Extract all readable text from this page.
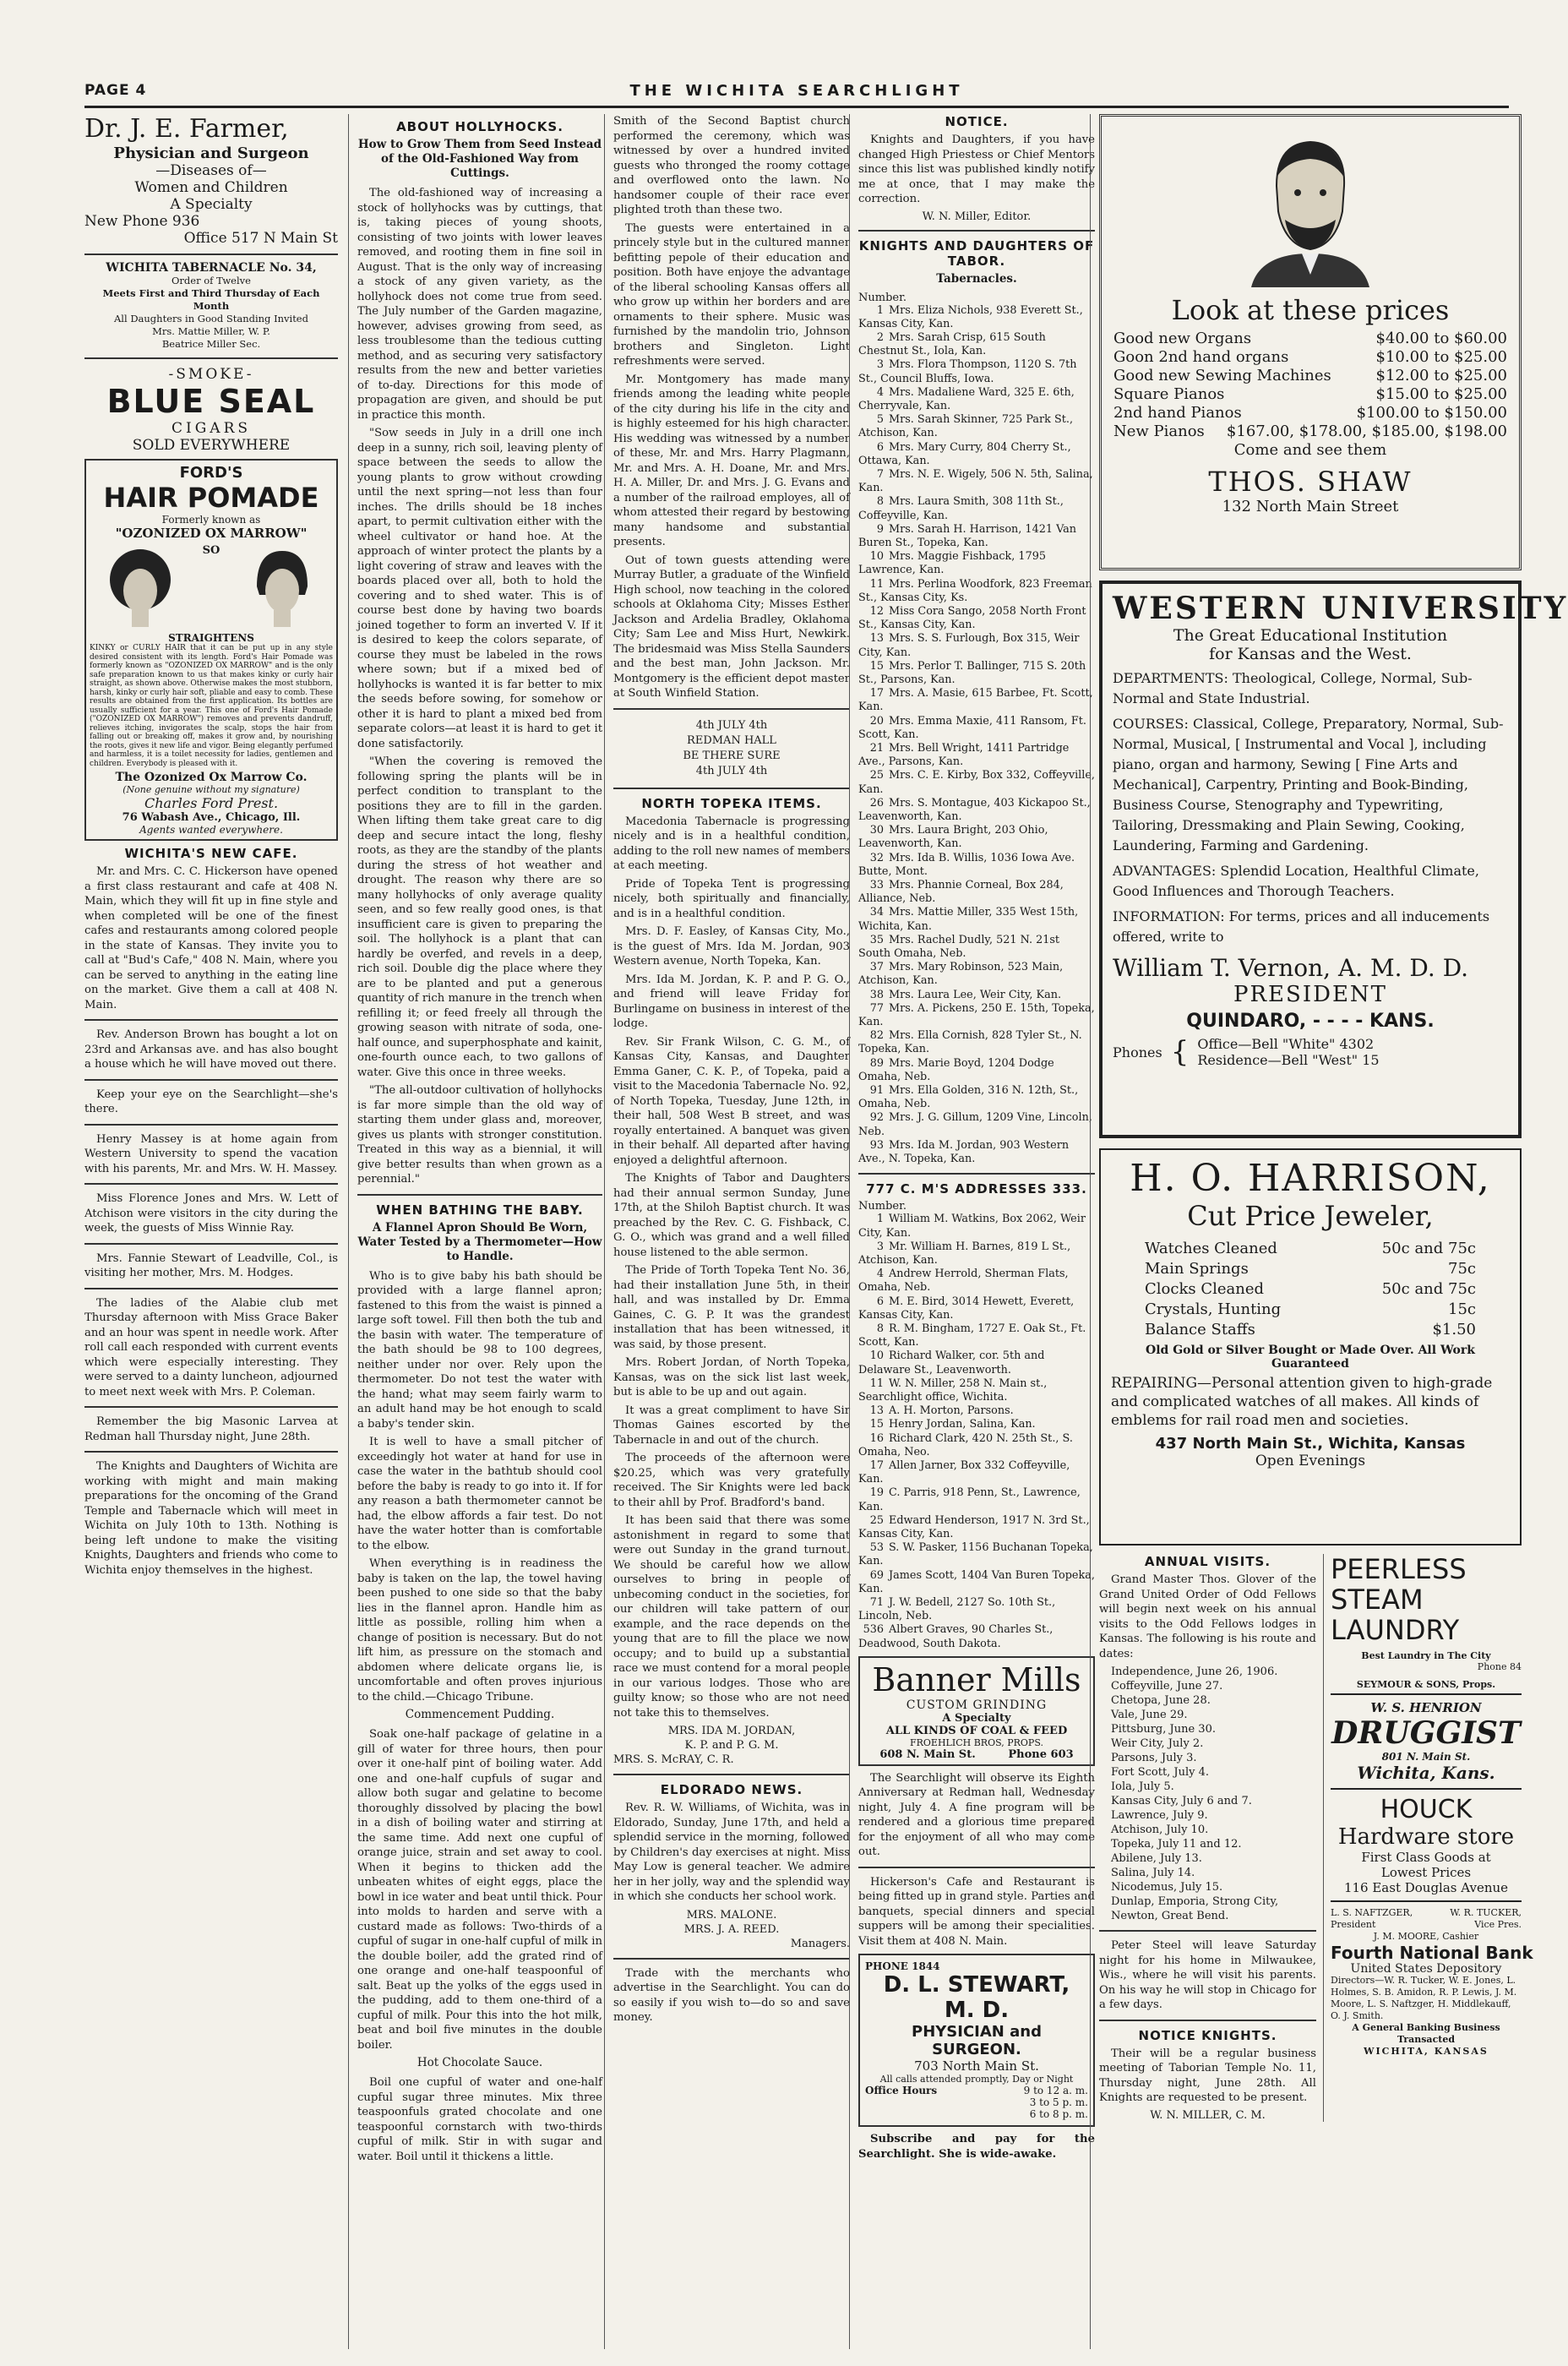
PAGE 4	THE WICHITA SEARCHLIGHT
Dr. J. E. Farmer,
Physician and Surgeon
—Diseases of—
Women and Children
A Specialty
New Phone 936
Office 517 N Main St
WICHITA TABERNACLE No. 34,
Order of Twelve
Meets First and Third Thursday of Each Month
All Daughters in Good Standing Invited
Mrs. Mattie Miller, W. P.
Beatrice Miller Sec.
-SMOKE-
BLUE SEAL
CIGARS
SOLD EVERYWHERE
FORD'S
HAIR POMADE
Formerly known as
"OZONIZED OX MARROW"
SO
STRAIGHTENS
KINKY or CURLY HAIR that it can be put up in any style desired consistent with its length. Ford's Hair Pomade was formerly known as "OZONIZED OX MARROW" and is the only safe preparation known to us that makes kinky or curly hair straight, as shown above. Otherwise makes the most stubborn, harsh, kinky or curly hair soft, pliable and easy to comb. These results are obtained from the first application. Its bottles are usually sufficient for a year. This one of Ford's Hair Pomade ("OZONIZED OX MARROW") removes and prevents dandruff, relieves itching, invigorates the scalp, stops the hair from falling out or breaking off, makes it grow and, by nourishing the roots, gives it new life and vigor. Being elegantly perfumed and harmless, it is a toilet necessity for ladies, gentlemen and children. Everybody is pleased with it.
The Ozonized Ox Marrow Co.
(None genuine without my signature)
Charles Ford Prest.
76 Wabash Ave., Chicago, Ill.
Agents wanted everywhere.
WICHITA'S NEW CAFE.

Mr. and Mrs. C. C. Hickerson have opened a first class restaurant and cafe at 408 N. Main, which they will fit up in fine style and when completed will be one of the finest cafes and restaurants among colored people in the state of Kansas. They invite you to call at "Bud's Cafe," 408 N. Main, where you can be served to anything in the eating line on the market. Give them a call at 408 N. Main.

Rev. Anderson Brown has bought a lot on 23rd and Arkansas ave. and has also bought a house which he will have moved out there.

Keep your eye on the Searchlight—she's there.

Henry Massey is at home again from Western University to spend the vacation with his parents, Mr. and Mrs. W. H. Massey.

Miss Florence Jones and Mrs. W. Lett of Atchison were visitors in the city during the week, the guests of Miss Winnie Ray.

Mrs. Fannie Stewart of Leadville, Col., is visiting her mother, Mrs. M. Hodges.

The ladies of the Alabie club met Thursday afternoon with Miss Grace Baker and an hour was spent in needle work. After roll call each responded with current events which were especially interesting. They were served to a dainty luncheon, adjourned to meet next week with Mrs. P. Coleman.

Remember the big Masonic Larvea at Redman hall Thursday night, June 28th.

The Knights and Daughters of Wichita are working with might and main making preparations for the oncoming of the Grand Temple and Tabernacle which will meet in Wichita on July 10th to 13th. Nothing is being left undone to make the visiting Knights, Daughters and friends who come to Wichita enjoy themselves in the highest.

ABOUT HOLLYHOCKS.
How to Grow Them from Seed Instead of the Old-Fashioned Way from Cuttings.

The old-fashioned way of increasing a stock of hollyhocks was by cuttings, that is, taking pieces of young shoots, consisting of two joints with lower leaves removed, and rooting them in fine soil in August. That is the only way of increasing a stock of any given variety, as the hollyhock does not come true from seed. The July number of the Garden magazine, however, advises growing from seed, as less troublesome than the tedious cutting method, and as securing very satisfactory results from the new and better varieties of to-day. Directions for this mode of propagation are given, and should be put in practice this month.

"Sow seeds in July in a drill one inch deep in a sunny, rich soil, leaving plenty of space between the seeds to allow the young plants to grow without crowding until the next spring—not less than four inches. The drills should be 18 inches apart, to permit cultivation either with the wheel cultivator or hand hoe. At the approach of winter protect the plants by a light covering of straw and leaves with the boards placed over all, both to hold the covering and to shed water. This is of course best done by having two boards joined together to form an inverted V. If it is desired to keep the colors separate, of course they must be labeled in the rows where sown; but if a mixed bed of hollyhocks is wanted it is far better to mix the seeds before sowing, for somehow or other it is hard to plant a mixed bed from separate colors—at least it is hard to get it done satisfactorily.

"When the covering is removed the following spring the plants will be in perfect condition to transplant to the positions they are to fill in the garden. When lifting them take great care to dig deep and secure intact the long, fleshy roots, as they are the standby of the plants during the stress of hot weather and drought. The reason why there are so many hollyhocks of only average quality seen, and so few really good ones, is that insufficient care is given to preparing the soil. The hollyhock is a plant that can hardly be overfed, and revels in a deep, rich soil. Double dig the place where they are to be planted and put a generous quantity of rich manure in the trench when refilling it; or feed freely all through the growing season with nitrate of soda, one-half ounce, and superphosphate and kainit, one-fourth ounce each, to two gallons of water. Give this once in three weeks.

"The all-outdoor cultivation of hollyhocks is far more simple than the old way of starting them under glass and, moreover, gives us plants with stronger constitution. Treated in this way as a biennial, it will give better results than when grown as a perennial."

WHEN BATHING THE BABY.
A Flannel Apron Should Be Worn, Water Tested by a Thermometer—How to Handle.

Who is to give baby his bath should be provided with a large flannel apron; fastened to this from the waist is pinned a large soft towel. Fill then both the tub and the basin with water. The temperature of the bath should be 98 to 100 degrees, neither under nor over. Rely upon the thermometer. Do not test the water with the hand; what may seem fairly warm to an adult hand may be hot enough to scald a baby's tender skin.

It is well to have a small pitcher of exceedingly hot water at hand for use in case the water in the bathtub should cool before the baby is ready to go into it. If for any reason a bath thermometer cannot be had, the elbow affords a fair test. Do not have the water hotter than is comfortable to the elbow.

When everything is in readiness the baby is taken on the lap, the towel having been pushed to one side so that the baby lies in the flannel apron. Handle him as little as possible, rolling him when a change of position is necessary. But do not lift him, as pressure on the stomach and abdomen where delicate organs lie, is uncomfortable and often proves injurious to the child.—Chicago Tribune.

Commencement Pudding.

Soak one-half package of gelatine in a gill of water for three hours, then pour over it one-half pint of boiling water. Add one and one-half cupfuls of sugar and allow both sugar and gelatine to become thoroughly dissolved by placing the bowl in a dish of boiling water and stirring at the same time. Add next one cupful of orange juice, strain and set away to cool. When it begins to thicken add the unbeaten whites of eight eggs, place the bowl in ice water and beat until thick. Pour into molds to harden and serve with a custard made as follows: Two-thirds of a cupful of sugar in one-half cupful of milk in the double boiler, add the grated rind of one orange and one-half teaspoonful of salt. Beat up the yolks of the eggs used in the pudding, add to them one-third of a cupful of milk. Pour this into the hot milk, beat and boil five minutes in the double boiler.

Hot Chocolate Sauce.

Boil one cupful of water and one-half cupful sugar three minutes. Mix three teaspoonfuls grated chocolate and one teaspoonful cornstarch with two-thirds cupful of milk. Stir in with sugar and water. Boil until it thickens a little.

Smith of the Second Baptist church performed the ceremony, which was witnessed by over a hundred invited guests who thronged the roomy cottage and overflowed onto the lawn. No handsomer couple of their race ever plighted troth than these two.

The guests were entertained in a princely style but in the cultured manner befitting pepole of their education and position. Both have enjoye the advantage of the liberal schooling Kansas offers all who grow up within her borders and are ornaments to their sphere. Music was furnished by the mandolin trio, Johnson brothers and Singleton. Light refreshments were served.

Mr. Montgomery has made many friends among the leading white people of the city during his life in the city and is highly esteemed for his high character. His wedding was witnessed by a number of these, Mr. and Mrs. Harry Plagmann, Mr. and Mrs. A. H. Doane, Mr. and Mrs. H. A. Miller, Dr. and Mrs. J. G. Evans and a number of the railroad employes, all of whom attested their regard by bestowing many handsome and substantial presents.

Out of town guests attending were Murray Butler, a graduate of the Winfield High school, now teaching in the colored schools at Oklahoma City; Misses Esther Jackson and Ardelia Bradley, Oklahoma City; Sam Lee and Miss Hurt, Newkirk. The bridesmaid was Miss Stella Saunders and the best man, John Jackson. Mr. Montgomery is the efficient depot master at South Winfield Station.

4th JULY 4th
REDMAN HALL
BE THERE SURE
4th JULY 4th
NORTH TOPEKA ITEMS.

Macedonia Tabernacle is progressing nicely and is in a healthful condition, adding to the roll new names of members at each meeting.

Pride of Topeka Tent is progressing nicely, both spiritually and financially, and is in a healthful condition.

Mrs. D. F. Easley, of Kansas City, Mo., is the guest of Mrs. Ida M. Jordan, 903 Western avenue, North Topeka, Kan.

Mrs. Ida M. Jordan, K. P. and P. G. O., and friend will leave Friday for Burlingame on business in interest of the lodge.

Rev. Sir Frank Wilson, C. G. M., of Kansas City, Kansas, and Daughter Emma Ganer, C. K. P., of Topeka, paid a visit to the Macedonia Tabernacle No. 92, of North Topeka, Tuesday, June 12th, in their hall, 508 West B street, and was royally entertained. A banquet was given in their behalf. All departed after having enjoyed a delightful afternoon.

The Knights of Tabor and Daughters had their annual sermon Sunday, June 17th, at the Shiloh Baptist church. It was preached by the Rev. C. G. Fishback, C. G. O., which was grand and a well filled house listened to the able sermon.

The Pride of Torth Topeka Tent No. 36, had their installation June 5th, in their hall, and was installed by Dr. Emma Gaines, C. G. P. It was the grandest installation that has been witnessed, it was said, by those present.

Mrs. Robert Jordan, of North Topeka, Kansas, was on the sick list last week, but is able to be up and out again.

It was a great compliment to have Sir Thomas Gaines escorted by the Tabernacle in and out of the church.

The proceeds of the afternoon were $20.25, which was very gratefully received. The Sir Knights were led back to their ahll by Prof. Bradford's band.

It has been said that there was some astonishment in regard to some that were out Sunday in the grand turnout. We should be careful how we allow ourselves to bring in people of unbecoming conduct in the societies, for our children will take pattern of our example, and the race depends on the young that are to fill the place we now occupy; and to build up a substantial race we must contend for a moral people in our various lodges. Those who are guilty know; so those who are not need not take this to themselves.

MRS. IDA M. JORDAN,
K. P. and P. G. M.
MRS. S. McRAY, C. R.
ELDORADO NEWS.

Rev. R. W. Williams, of Wichita, was in Eldorado, Sunday, June 17th, and held a splendid service in the morning, followed by Children's day exercises at night. Miss May Low is general teacher. We admire her in her jolly, way and the splendid way in which she conducts her school work.

MRS. MALONE.
MRS. J. A. REED.
Managers.

Trade with the merchants who advertise in the Searchlight. You can do so easily if you wish to—do so and save money.

NOTICE.

Knights and Daughters, if you have changed High Priestess or Chief Mentors since this list was published kindly notify me at once, that I may make the correction.

W. N. Miller, Editor.
KNIGHTS AND DAUGHTERS OF TABOR.
Tabernacles.
Number.
1 Mrs. Eliza Nichols, 938 Everett St., Kansas City, Kan.
2 Mrs. Sarah Crisp, 615 South Chestnut St., Iola, Kan.
3 Mrs. Flora Thompson, 1120 S. 7th St., Council Bluffs, Iowa.
4 Mrs. Madaliene Ward, 325 E. 6th, Cherryvale, Kan.
5 Mrs. Sarah Skinner, 725 Park St., Atchison, Kan.
6 Mrs. Mary Curry, 804 Cherry St., Ottawa, Kan.
7 Mrs. N. E. Wigely, 506 N. 5th, Salina, Kan.
8 Mrs. Laura Smith, 308 11th St., Coffeyville, Kan.
9 Mrs. Sarah H. Harrison, 1421 Van Buren St., Topeka, Kan.
10 Mrs. Maggie Fishback, 1795 Lawrence, Kan.
11 Mrs. Perlina Woodfork, 823 Freeman St., Kansas City, Ks.
12 Miss Cora Sango, 2058 North Front St., Kansas City, Kan.
13 Mrs. S. S. Furlough, Box 315, Weir City, Kan.
15 Mrs. Perlor T. Ballinger, 715 S. 20th St., Parsons, Kan.
17 Mrs. A. Masie, 615 Barbee, Ft. Scott, Kan.
20 Mrs. Emma Maxie, 411 Ransom, Ft. Scott, Kan.
21 Mrs. Bell Wright, 1411 Partridge Ave., Parsons, Kan.
25 Mrs. C. E. Kirby, Box 332, Coffeyville, Kan.
26 Mrs. S. Montague, 403 Kickapoo St., Leavenworth, Kan.
30 Mrs. Laura Bright, 203 Ohio, Leavenworth, Kan.
32 Mrs. Ida B. Willis, 1036 Iowa Ave. Butte, Mont.
33 Mrs. Phannie Corneal, Box 284, Alliance, Neb.
34 Mrs. Mattie Miller, 335 West 15th, Wichita, Kan.
35 Mrs. Rachel Dudly, 521 N. 21st South Omaha, Neb.
37 Mrs. Mary Robinson, 523 Main, Atchison, Kan.
38 Mrs. Laura Lee, Weir City, Kan.
77 Mrs. A. Pickens, 250 E. 15th, Topeka, Kan.
82 Mrs. Ella Cornish, 828 Tyler St., N. Topeka, Kan.
89 Mrs. Marie Boyd, 1204 Dodge Omaha, Neb.
91 Mrs. Ella Golden, 316 N. 12th, St., Omaha, Neb.
92 Mrs. J. G. Gillum, 1209 Vine, Lincoln, Neb.
93 Mrs. Ida M. Jordan, 903 Western Ave., N. Topeka, Kan.
777 C. M'S ADDRESSES 333.
Number.
1 William M. Watkins, Box 2062, Weir City, Kan.
3 Mr. William H. Barnes, 819 L St., Atchison, Kan.
4 Andrew Herrold, Sherman Flats, Omaha, Neb.
6 M. E. Bird, 3014 Hewett, Everett, Kansas City, Kan.
8 R. M. Bingham, 1727 E. Oak St., Ft. Scott, Kan.
10 Richard Walker, cor. 5th and Delaware St., Leavenworth.
11 W. N. Miller, 258 N. Main st., Searchlight office, Wichita.
13 A. H. Morton, Parsons.
15 Henry Jordan, Salina, Kan.
16 Richard Clark, 420 N. 25th St., S. Omaha, Neo.
17 Allen Jarner, Box 332 Coffeyville, Kan.
19 C. Parris, 918 Penn, St., Lawrence, Kan.
25 Edward Henderson, 1917 N. 3rd St., Kansas City, Kan.
53 S. W. Pasker, 1156 Buchanan Topeka, Kan.
69 James Scott, 1404 Van Buren Topeka, Kan.
71 J. W. Bedell, 2127 So. 10th St., Lincoln, Neb.
536 Albert Graves, 90 Charles St., Deadwood, South Dakota.
Banner Mills
CUSTOM GRINDING
A Specialty
ALL KINDS OF COAL & FEED
FROEHLICH BROS, PROPS.
608 N. Main St.	Phone 603

The Searchlight will observe its Eighth Anniversary at Redman hall, Wednesday night, July 4. A fine program will be rendered and a glorious time prepared for the enjoyment of all who may come out.

Hickerson's Cafe and Restaurant is being fitted up in grand style. Parties and banquets, special dinners and special suppers will be among their specialities. Visit them at 408 N. Main.

PHONE 1844
D. L. STEWART, M. D.
PHYSICIAN and SURGEON.
703 North Main St.
All calls attended promptly, Day or Night
Office Hours	9 to 12 a. m.
3 to 5 p. m.
6 to 8 p. m.

Subscribe and pay for the Searchlight. She is wide-awake.

Look at these prices
Good new Organs	$40.00 to $60.00
Goon 2nd hand organs	$10.00 to $25.00
Good new Sewing Machines	$12.00 to $25.00
Square Pianos	$15.00 to $25.00
2nd hand Pianos	$100.00 to $150.00
New Pianos $167.00, $178.00, $185.00, $198.00
Come and see them
THOS. SHAW
132 North Main Street
WESTERN UNIVERSITY
The Great Educational Institution
for Kansas and the West.
DEPARTMENTS: Theological, College, Normal, Sub-Normal and State Industrial.
COURSES: Classical, College, Preparatory, Normal, Sub-Normal, Musical, [ Instrumental and Vocal ], including piano, organ and harmony, Sewing [ Fine Arts and Mechanical], Carpentry, Printing and Book-Binding, Business Course, Stenography and Typewriting, Tailoring, Dressmaking and Plain Sewing, Cooking, Laundering, Farming and Gardening.
ADVANTAGES: Splendid Location, Healthful Climate, Good Influences and Thorough Teachers.
INFORMATION: For terms, prices and all inducements offered, write to
William T. Vernon, A. M. D. D.
PRESIDENT
QUINDARO, - - - - KANS.
Phones { Office—Bell "White" 4302
Residence—Bell "West" 15
H. O. HARRISON,
Cut Price Jeweler,
Watches Cleaned	50c and 75c
Main Springs	75c
Clocks Cleaned	50c and 75c
Crystals, Hunting	15c
Balance Staffs	$1.50
Old Gold or Silver Bought or Made Over. All Work Guaranteed
REPAIRING—Personal attention given to high-grade and complicated watches of all makes. All kinds of emblems for rail road men and societies.
437 North Main St., Wichita, Kansas
Open Evenings
ANNUAL VISITS.

Grand Master Thos. Glover of the Grand United Order of Odd Fellows will begin next week on his annual visits to the Odd Fellows lodges in Kansas. The following is his route and dates:

Independence, June 26, 1906.
Coffeyville, June 27.
Chetopa, June 28.
Vale, June 29.
Pittsburg, June 30.
Weir City, July 2.
Parsons, July 3.
Fort Scott, July 4.
Iola, July 5.
Kansas City, July 6 and 7.
Lawrence, July 9.
Atchison, July 10.
Topeka, July 11 and 12.
Abilene, July 13.
Salina, July 14.
Nicodemus, July 15.
Dunlap, Emporia, Strong City, Newton, Great Bend.

Peter Steel will leave Saturday night for his home in Milwaukee, Wis., where he will visit his parents. On his way he will stop in Chicago for a few days.

NOTICE KNIGHTS.

Their will be a regular business meeting of Taborian Temple No. 11, Thursday night, June 28th. All Knights are requested to be present.

W. N. MILLER, C. M.
PEERLESS
STEAM
LAUNDRY
Best Laundry in The City
Phone 84
SEYMOUR & SONS, Props.
W. S. HENRION
DRUGGIST
801 N. Main St.
Wichita, Kans.
HOUCK
Hardware store
First Class Goods at
Lowest Prices
116 East Douglas Avenue
L. S. NAFTZGER,	W. R. TUCKER,
President	Vice Pres.
J. M. MOORE, Cashier
Fourth National Bank
United States Depository
Directors—W. R. Tucker, W. E. Jones, L. Holmes, S. B. Amidon, R. P. Lewis, J. M. Moore, L. S. Naftzger, H. Middlekauff, O. J. Smith.
A General Banking Business Transacted
WICHITA, KANSAS
